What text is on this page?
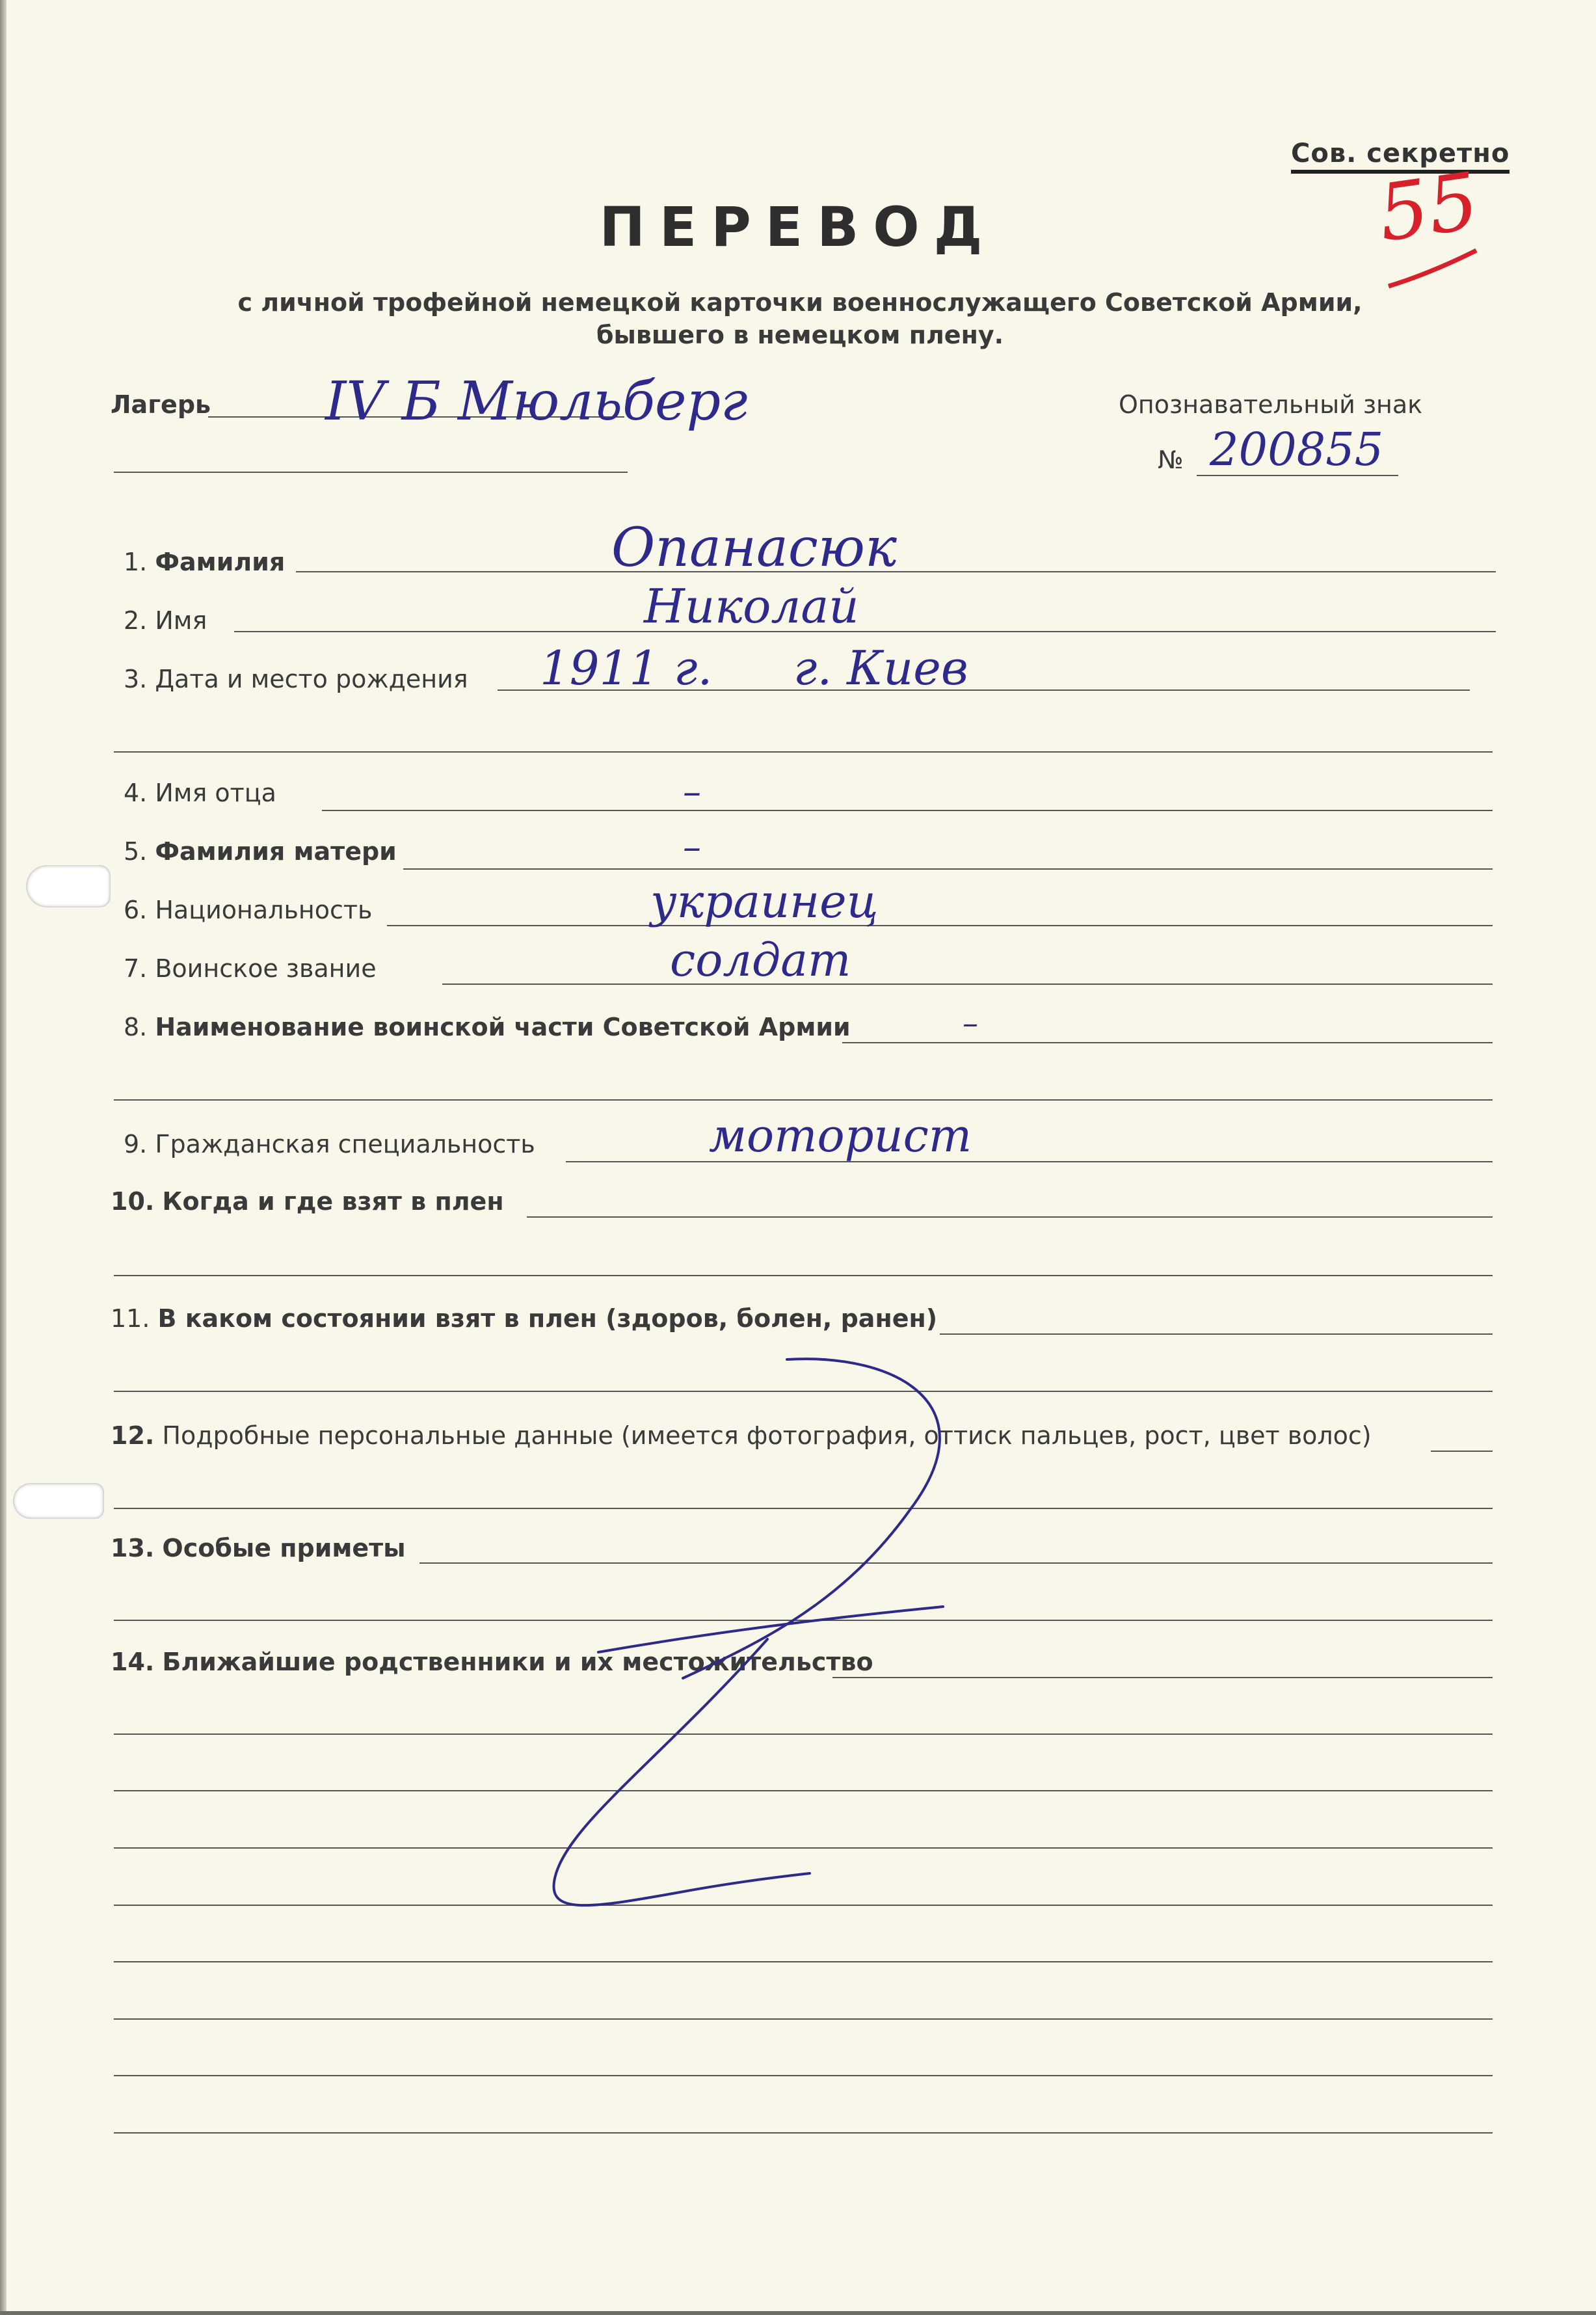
Сов. секретно
55
ПЕРЕВОД
с личной трофейной немецкой карточки военнослужащего Советской Армии,
бывшего в немецком плену.
Лагерь IV Б Мюльберг	Опознавательный знак
№ 200855
1. Фамилия	Опанасюк
2. Имя	Николай
3. Дата и место рождения 1911 г. г. Киев
4. Имя отца	–
5. Фамилия матери	–
6. Национальность	украинец
7. Воинское звание	солдат
8. Наименование воинской части Советской Армии	–
9. Гражданская специальность	моторист
10. Когда и где взят в плен
11. В каком состоянии взят в плен (здоров, болен, ранен)
12. Подробные персональные данные (имеется фотография, оттиск пальцев, рост, цвет волос)
13. Особые приметы
14. Ближайшие родственники и их местожительство
